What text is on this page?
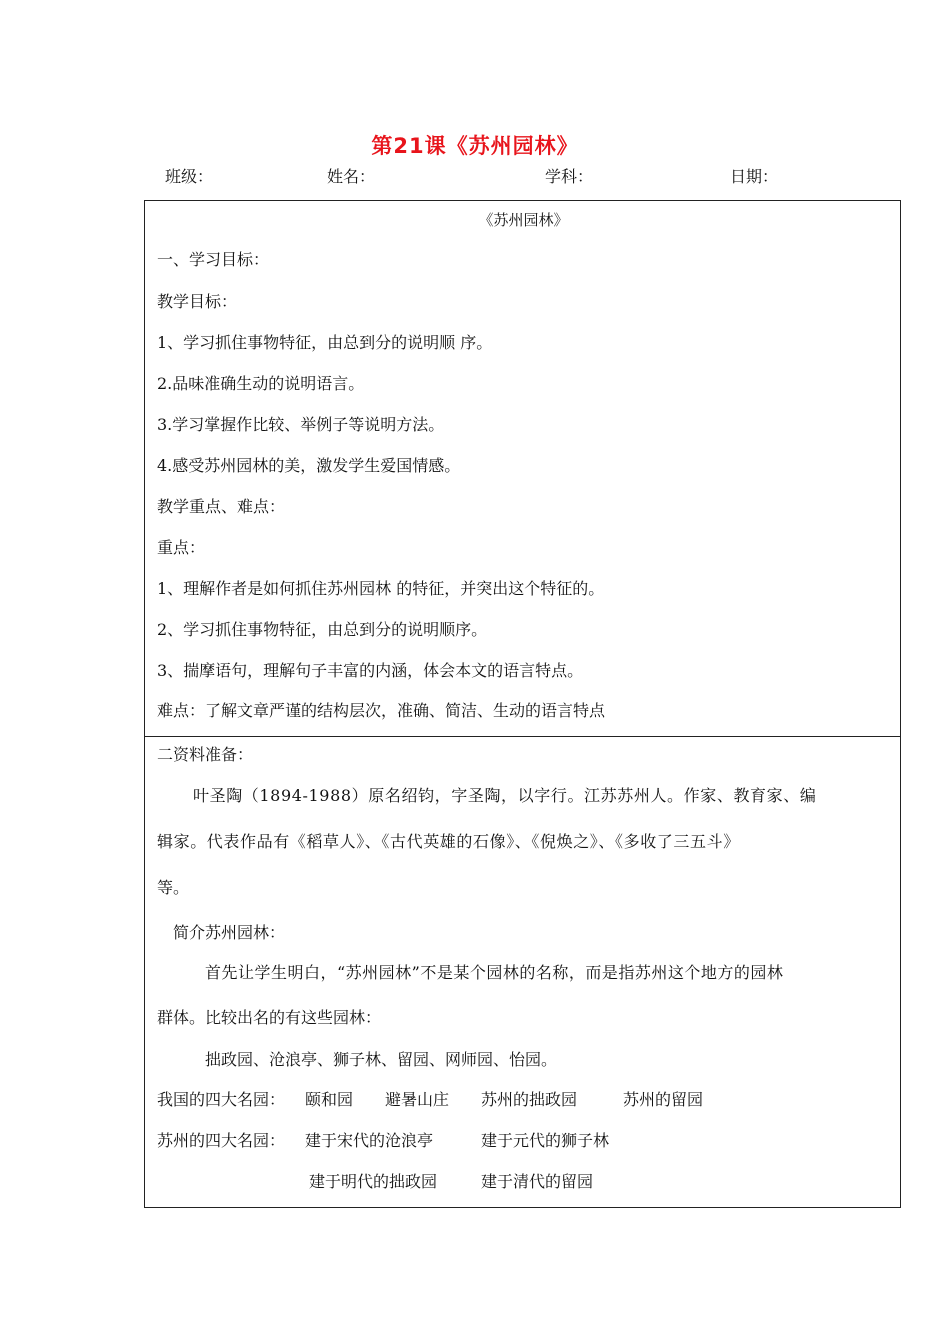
第21课《苏州园林》
班级：	姓名：	学科：	日期：
《苏州园林》
一、学习目标：
教学目标：
1、学习抓住事物特征，由总到分的说明顺 序。
2.品味准确生动的说明语言。
3.学习掌握作比较、举例子等说明方法。
4.感受苏州园林的美，激发学生爱国情感。
教学重点、难点：
重点：
1、理解作者是如何抓住苏州园林 的特征，并突出这个特征的。
2、学习抓住事物特征，由总到分的说明顺序。
3、揣摩语句，理解句子丰富的内涵，体会本文的语言特点。
难点：了解文章严谨的结构层次，准确、简洁、生动的语言特点
二资料准备：
叶圣陶（1894-1988）原名绍钧，字圣陶，以字行。江苏苏州人。作家、教育家、编
辑家。代表作品有《稻草人》、《古代英雄的石像》、《倪焕之》、《多收了三五斗》
等。
简介苏州园林：
首先让学生明白，“苏州园林”不是某个园林的名称，而是指苏州这个地方的园林
群体。比较出名的有这些园林：
拙政园、沧浪亭、狮子林、留园、网师园、怡园。
我国的四大名园： 颐和园 避暑山庄 苏州的拙政园	苏州的留园
苏州的四大名园： 建于宋代的沧浪亭	建于元代的狮子林
建于明代的拙政园	建于清代的留园
